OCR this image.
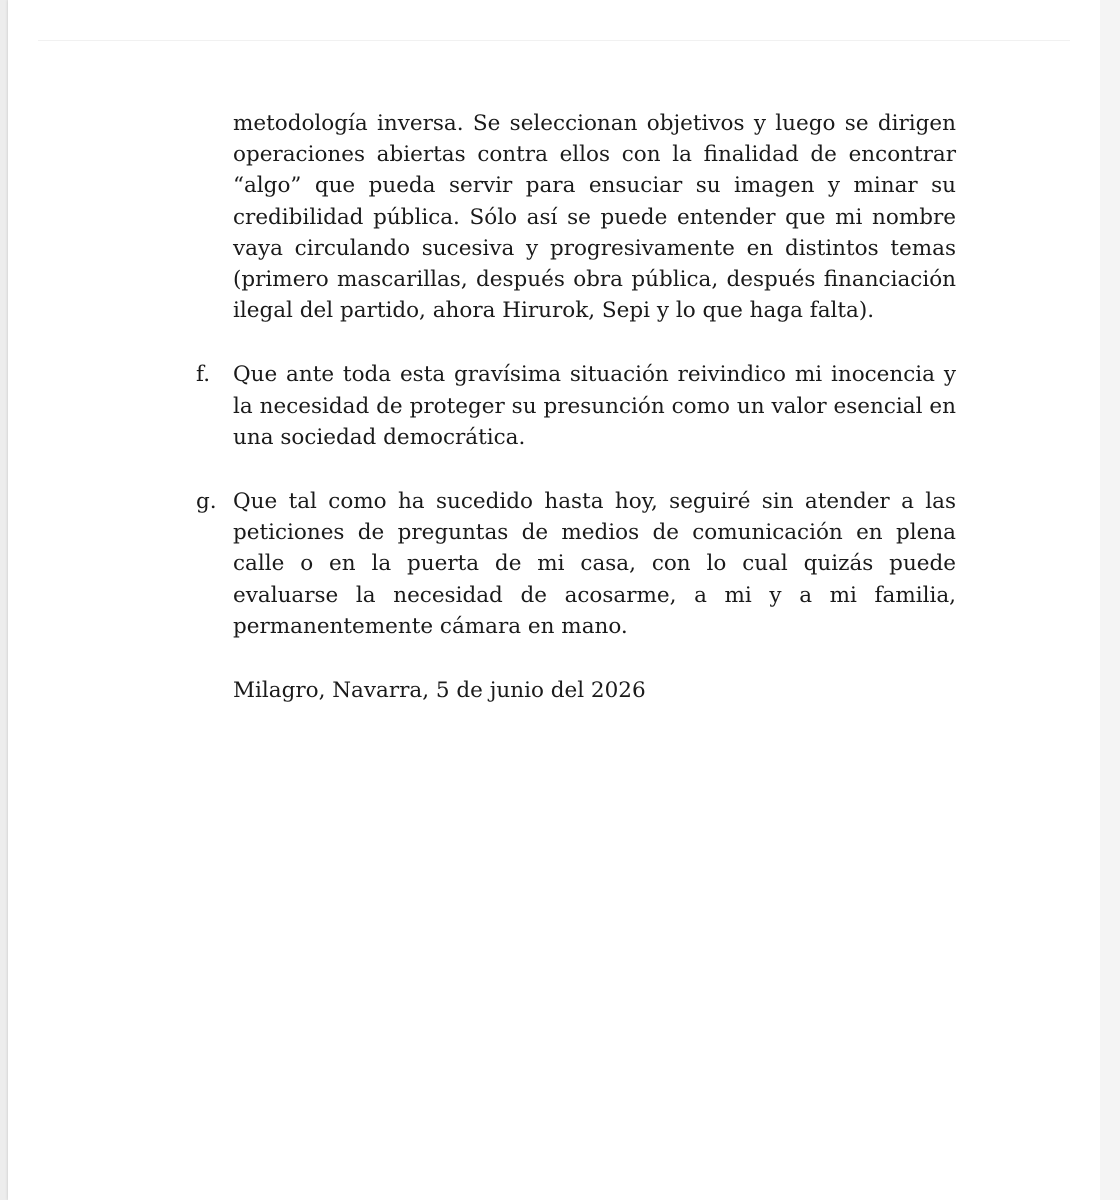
metodología inversa. Se seleccionan objetivos y luego se dirigen operaciones abiertas contra ellos con la finalidad de encontrar “algo” que pueda servir para ensuciar su imagen y minar su credibilidad pública. Sólo así se puede entender que mi nombre vaya circulando sucesiva y progresivamente en distintos temas (primero mascarillas, después obra pública, después financiación ilegal del partido, ahora Hirurok, Sepi y lo que haga falta).

f. Que ante toda esta gravísima situación reivindico mi inocencia y la necesidad de proteger su presunción como un valor esencial en una sociedad democrática.

g. Que tal como ha sucedido hasta hoy, seguiré sin atender a las peticiones de preguntas de medios de comunicación en plena calle o en la puerta de mi casa, con lo cual quizás puede evaluarse la necesidad de acosarme, a mi y a mi familia, permanentemente cámara en mano.

Milagro, Navarra, 5 de junio del 2026
